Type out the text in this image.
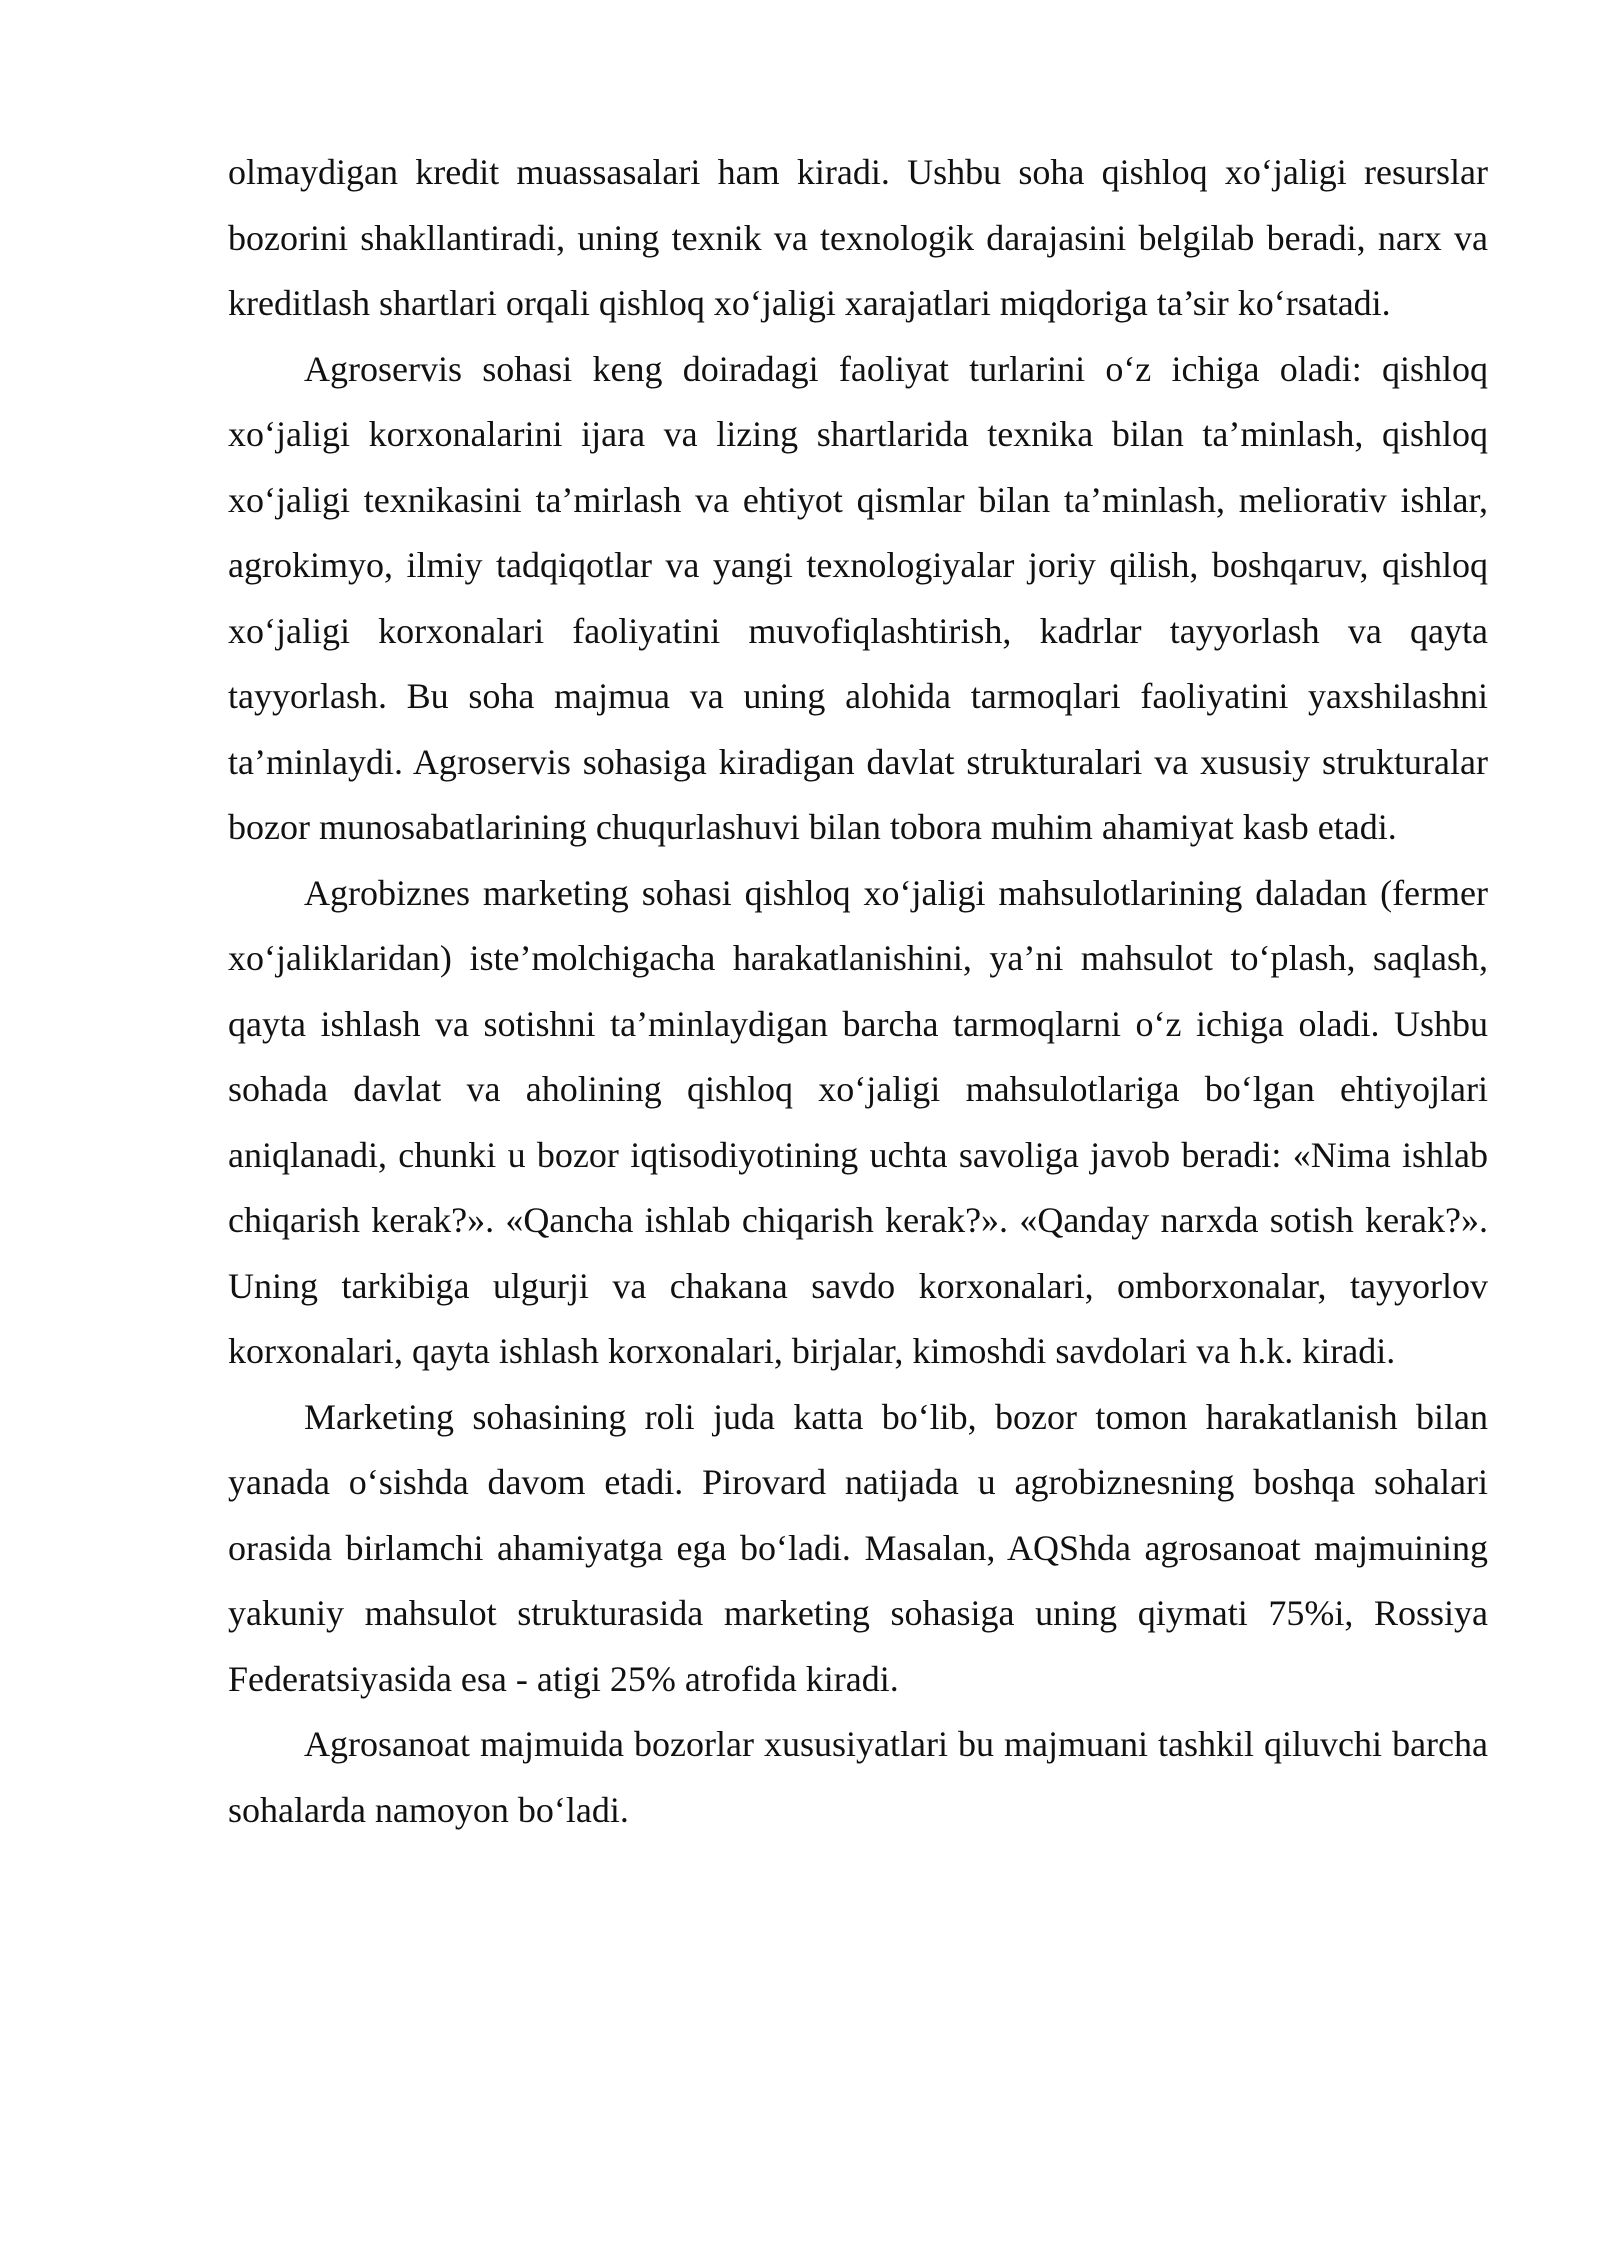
olmaydigan kredit muassasalari ham kiradi. Ushbu soha qishloq xo‘jaligi resurslar bozorini shakllantiradi, uning texnik va texnologik darajasini belgilab beradi, narx va kreditlash shartlari orqali qishloq xo‘jaligi xarajatlari miqdoriga ta’sir ko‘rsatadi.

Agroservis sohasi keng doiradagi faoliyat turlarini o‘z ichiga oladi: qishloq xo‘jaligi korxonalarini ijara va lizing shartlarida texnika bilan ta’minlash, qishloq xo‘jaligi texnikasini ta’mirlash va ehtiyot qismlar bilan ta’minlash, meliorativ ishlar, agrokimyo, ilmiy tadqiqotlar va yangi texnologiyalar joriy qilish, boshqaruv, qishloq xo‘jaligi korxonalari faoliyatini muvofiqlashtirish, kadrlar tayyorlash va qayta tayyorlash. Bu soha majmua va uning alohida tarmoqlari faoliyatini yaxshilashni ta’minlaydi. Agroservis sohasiga kiradigan davlat strukturalari va xususiy strukturalar bozor munosabatlarining chuqurlashuvi bilan tobora muhim ahamiyat kasb etadi.

Agrobiznes marketing sohasi qishloq xo‘jaligi mahsulotlarining daladan (fermer xo‘jaliklaridan) iste’molchigacha harakatlanishini, ya’ni mahsulot to‘plash, saqlash, qayta ishlash va sotishni ta’minlaydigan barcha tarmoqlarni o‘z ichiga oladi. Ushbu sohada davlat va aholining qishloq xo‘jaligi mahsulotlariga bo‘lgan ehtiyojlari aniqlanadi, chunki u bozor iqtisodiyotining uchta savoliga javob beradi: «Nima ishlab chiqarish kerak?». «Qancha ishlab chiqarish kerak?». «Qanday narxda sotish kerak?». Uning tarkibiga ulgurji va chakana savdo korxonalari, omborxonalar, tayyorlov korxonalari, qayta ishlash korxonalari, birjalar, kimoshdi savdolari va h.k. kiradi.

Marketing sohasining roli juda katta bo‘lib, bozor tomon harakatlanish bilan yanada o‘sishda davom etadi. Pirovard natijada u agrobiznesning boshqa sohalari orasida birlamchi ahamiyatga ega bo‘ladi. Masalan, AQShda agrosanoat majmuining yakuniy mahsulot strukturasida marketing sohasiga uning qiymati 75%i, Rossiya Federatsiyasida esa - atigi 25% atrofida kiradi.

Agrosanoat majmuida bozorlar xususiyatlari bu majmuani tashkil qiluvchi barcha sohalarda namoyon bo‘ladi.
